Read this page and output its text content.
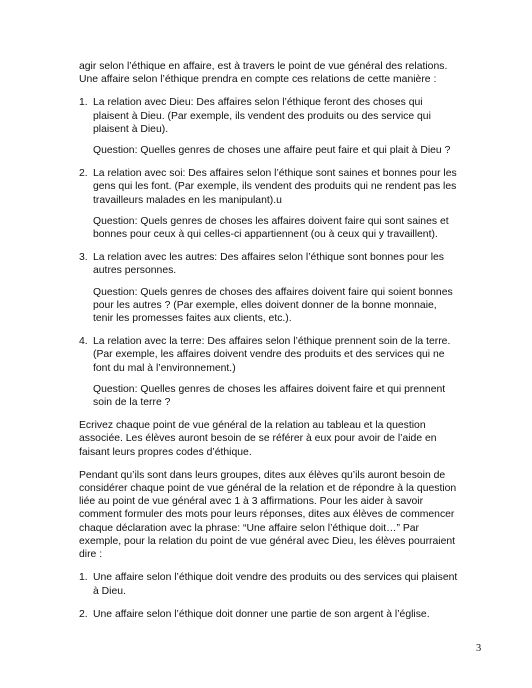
agir selon l’éthique en affaire, est à travers le point de vue général des relations. Une affaire selon l’éthique prendra en compte ces relations de cette manière :

1. La relation avec Dieu: Des affaires selon l’éthique feront des choses qui plaisent à Dieu. (Par exemple, ils vendent des produits ou des service qui plaisent à Dieu).

Question: Quelles genres de choses une affaire peut faire et qui plait à Dieu ?

2. La relation avec soi: Des affaires selon l’éthique sont saines et bonnes pour les gens qui les font. (Par exemple, ils vendent des produits qui ne rendent pas les travailleurs malades en les manipulant).u

Question: Quels genres de choses les affaires doivent faire qui sont saines et bonnes pour ceux à qui celles-ci appartiennent (ou à ceux qui y travaillent).

3. La relation avec les autres: Des affaires selon l’éthique sont bonnes pour les autres personnes.

Question: Quels genres de choses des affaires doivent faire qui soient bonnes pour les autres ? (Par exemple, elles doivent donner de la bonne monnaie, tenir les promesses faites aux clients, etc.).

4. La relation avec la terre: Des affaires selon l’éthique prennent soin de la terre. (Par exemple, les affaires doivent vendre des produits et des services qui ne font du mal à l’environnement.)

Question: Quelles genres de choses les affaires doivent faire et qui prennent soin de la terre ?

Ecrivez chaque point de vue général de la relation au tableau et la question associée. Les élèves auront besoin de se référer à eux pour avoir de l’aide en faisant leurs propres codes d’éthique.

Pendant qu’ils sont dans leurs groupes, dites aux élèves qu’ils auront besoin de considérer chaque point de vue général de la relation et de répondre à la question liée au point de vue général avec 1 à 3 affirmations. Pour les aider à savoir comment formuler des mots pour leurs réponses, dites aux élèves de commencer chaque déclaration avec la phrase: “Une affaire selon l’éthique doit…” Par exemple, pour la relation du point de vue général avec Dieu, les élèves pourraient dire :

1. Une affaire selon l’éthique doit vendre des produits ou des services qui plaisent à Dieu.

2. Une affaire selon l’éthique doit donner une partie de son argent à l’église.

3
